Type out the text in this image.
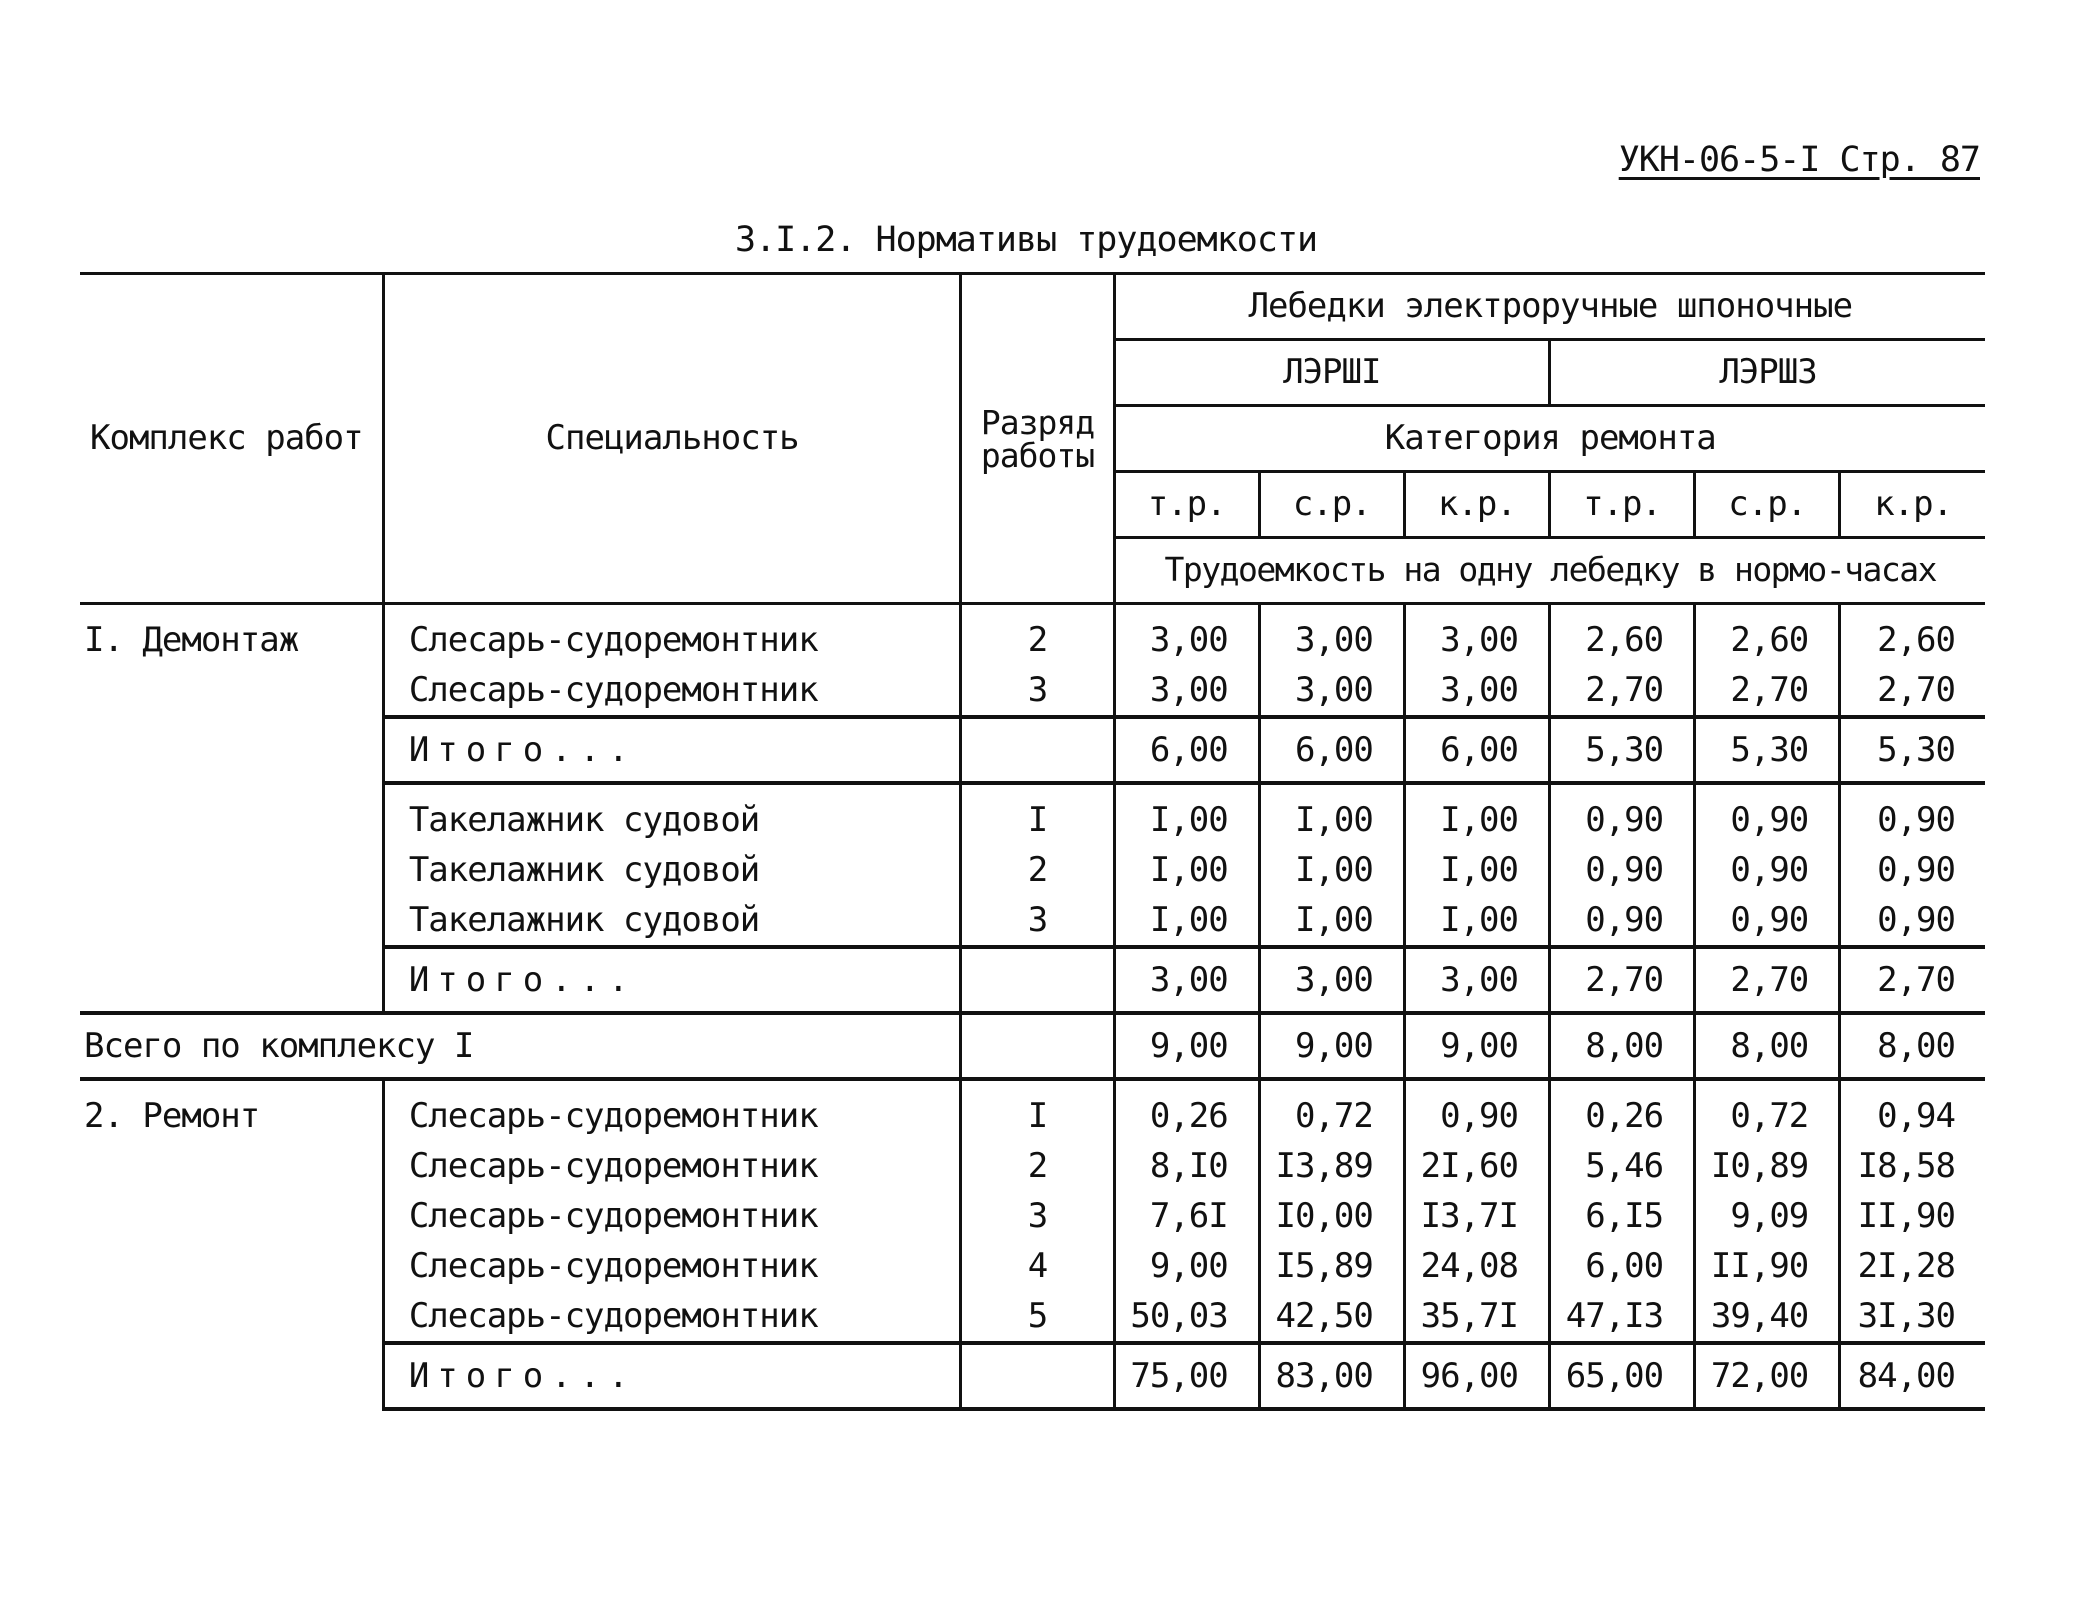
УКН-06-5-І Стр. 87
3.І.2. Нормативы трудоемкости
Комплекс работ	Специальность	Разряд работы	Лебедки электроручные шпоночные					
			ЛЭРШІ			ЛЭРШЗ		
			Категория ремонта					
			т.р.	с.р.	к.р.	т.р.	с.р.	к.р.
			Трудоемкость на одну лебедку в нормо-часах					
І. Демонтаж	Слесарь-судоремонтник	2	3,00	3,00	3,00	2,60	2,60	2,60
	Слесарь-судоремонтник	3	3,00	3,00	3,00	2,70	2,70	2,70
	Итого...		6,00	6,00	6,00	5,30	5,30	5,30
	Такелажник судовой	І	І,00	І,00	І,00	0,90	0,90	0,90
	Такелажник судовой	2	І,00	І,00	І,00	0,90	0,90	0,90
	Такелажник судовой	3	І,00	І,00	І,00	0,90	0,90	0,90
	Итого...		3,00	3,00	3,00	2,70	2,70	2,70
Всего по комплексу І			9,00	9,00	9,00	8,00	8,00	8,00
2. Ремонт	Слесарь-судоремонтник	І	0,26	0,72	0,90	0,26	0,72	0,94
	Слесарь-судоремонтник	2	8,І0	І3,89	2І,60	5,46	І0,89	І8,58
	Слесарь-судоремонтник	3	7,6І	І0,00	І3,7І	6,І5	9,09	ІІ,90
	Слесарь-судоремонтник	4	9,00	І5,89	24,08	6,00	ІІ,90	2І,28
	Слесарь-судоремонтник	5	50,03	42,50	35,7І	47,І3	39,40	3І,30
	Итого...		75,00	83,00	96,00	65,00	72,00	84,00
